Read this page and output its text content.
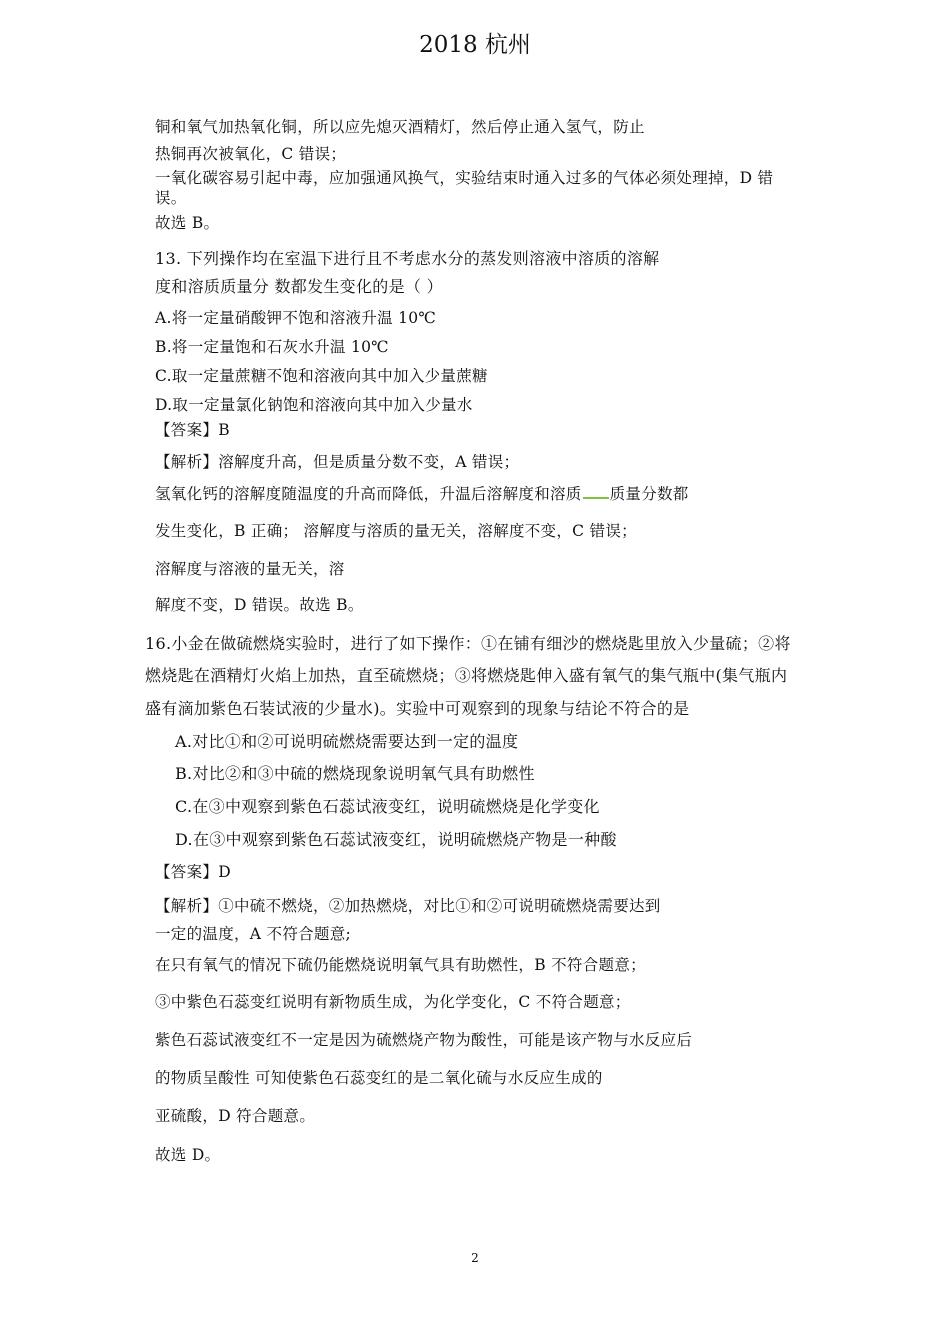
2018 杭州

铜和氧气加热氧化铜，所以应先熄灭酒精灯，然后停止通入氢气，防止

热铜再次被氧化，C 错误；

一氧化碳容易引起中毒，应加强通风换气，实验结束时通入过多的气体必须处理掉，D 错

误。

故选 B。

13. 下列操作均在室温下进行且不考虑水分的蒸发则溶液中溶质的溶解

度和溶质质量分 数都发生变化的是（ ）

A.将一定量硝酸钾不饱和溶液升温 10℃

B.将一定量饱和石灰水升温 10℃

C.取一定量蔗糖不饱和溶液向其中加入少量蔗糖

D.取一定量氯化钠饱和溶液向其中加入少量水

【答案】B

【解析】溶解度升高，但是质量分数不变，A 错误；

氢氧化钙的溶解度随温度的升高而降低，升温后溶解度和溶质 质量分数都

发生变化，B 正确； 溶解度与溶质的量无关，溶解度不变，C 错误；

溶解度与溶液的量无关，溶

解度不变，D 错误。故选 B。

16.小金在做硫燃烧实验时，进行了如下操作：①在铺有细沙的燃烧匙里放入少量硫；②将

燃烧匙在酒精灯火焰上加热，直至硫燃烧；③将燃烧匙伸入盛有氧气的集气瓶中(集气瓶内

盛有滴加紫色石装试液的少量水)。实验中可观察到的现象与结论不符合的是

A.对比①和②可说明硫燃烧需要达到一定的温度

B.对比②和③中硫的燃烧现象说明氧气具有助燃性

C.在③中观察到紫色石蕊试液变红，说明硫燃烧是化学变化

D.在③中观察到紫色石蕊试液变红，说明硫燃烧产物是一种酸

【答案】D

【解析】①中硫不燃烧，②加热燃烧，对比①和②可说明硫燃烧需要达到

一定的温度，A 不符合题意;

在只有氧气的情况下硫仍能燃烧说明氧气具有助燃性，B 不符合题意；

③中紫色石蕊变红说明有新物质生成，为化学变化，C 不符合题意；

紫色石蕊试液变红不一定是因为硫燃烧产物为酸性，可能是该产物与水反应后

的物质呈酸性 可知使紫色石蕊变红的是二氧化硫与水反应生成的

亚硫酸，D 符合题意。

故选 D。

2
